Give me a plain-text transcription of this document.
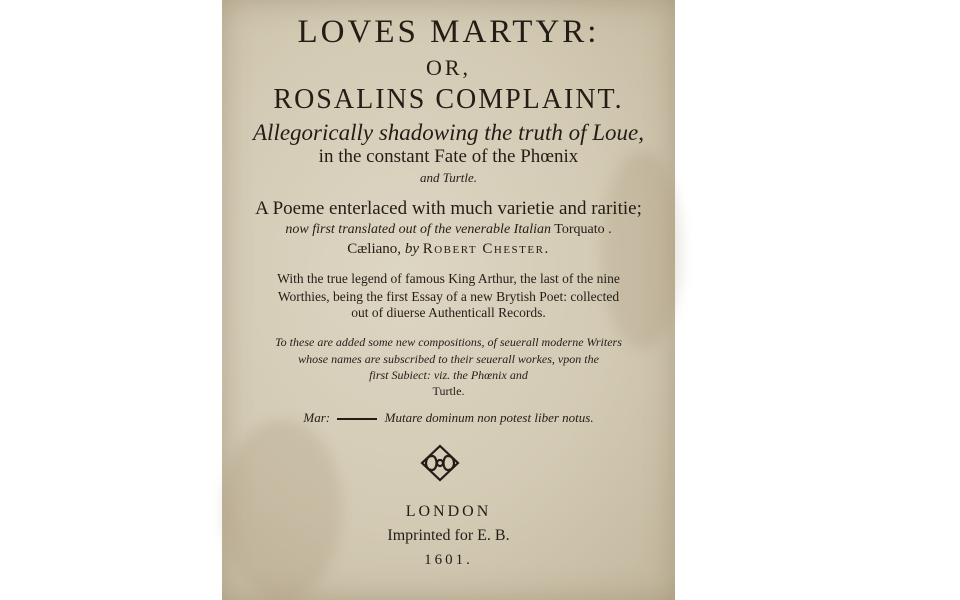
LOVES MARTYR:
OR,
ROSALINS COMPLAINT.
Allegorically shadowing the truth of Loue,
in the constant Fate of the Phœnix
and Turtle.
A Poeme enterlaced with much varietie and raritie;
now first translated out of the venerable Italian Torquato .
Cæliano, by Robert Chester.
With the true legend of famous King Arthur, the last of the nine
Worthies, being the first Essay of a new Brytish Poet: collected
out of diuerse Authenticall Records.
To these are added some new compositions, of seuerall moderne Writers
whose names are subscribed to their seuerall workes, vpon the
first Subiect: viz. the Phœnix and
Turtle.
Mar:	Mutare dominum non potest liber notus.
LONDON
Imprinted for E. B.
1601.
